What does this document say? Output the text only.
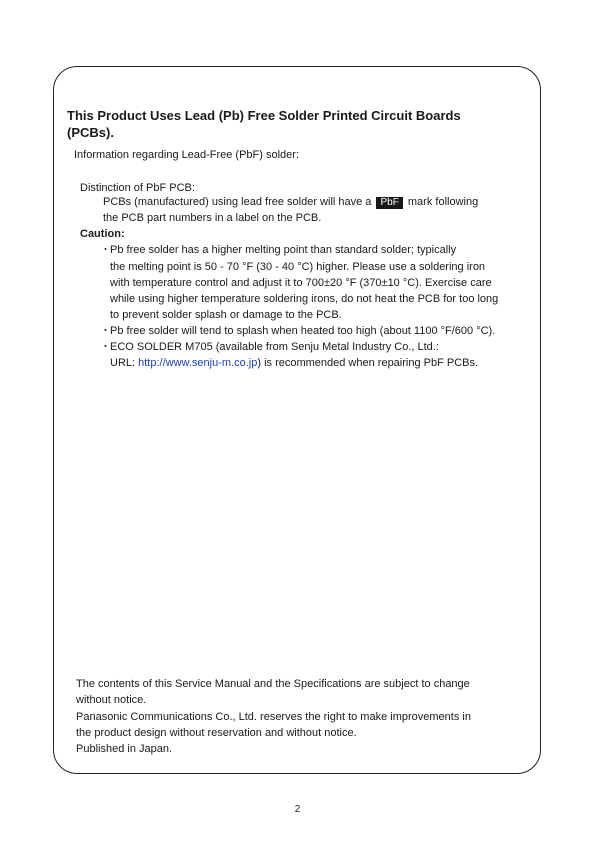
This Product Uses Lead (Pb) Free Solder Printed Circuit Boards (PCBs).

Information regarding Lead-Free (PbF) solder:

Distinction of PbF PCB:

PCBs (manufactured) using lead free solder will have a PbF mark following

the PCB part numbers in a label on the PCB.

Caution:

・ Pb free solder has a higher melting point than standard solder; typically

the melting point is 50 - 70 °F (30 - 40 °C) higher. Please use a soldering iron

with temperature control and adjust it to 700±20 °F (370±10 °C). Exercise care

while using higher temperature soldering irons, do not heat the PCB for too long

to prevent solder splash or damage to the PCB.

・ Pb free solder will tend to splash when heated too high (about 1100 °F/600 °C).

・ ECO SOLDER M705 (available from Senju Metal Industry Co., Ltd.:

URL: http://www.senju-m.co.jp) is recommended when repairing PbF PCBs.

The contents of this Service Manual and the Specifications are subject to change

without notice.

Panasonic Communications Co., Ltd. reserves the right to make improvements in

the product design without reservation and without notice.

Published in Japan.

2
